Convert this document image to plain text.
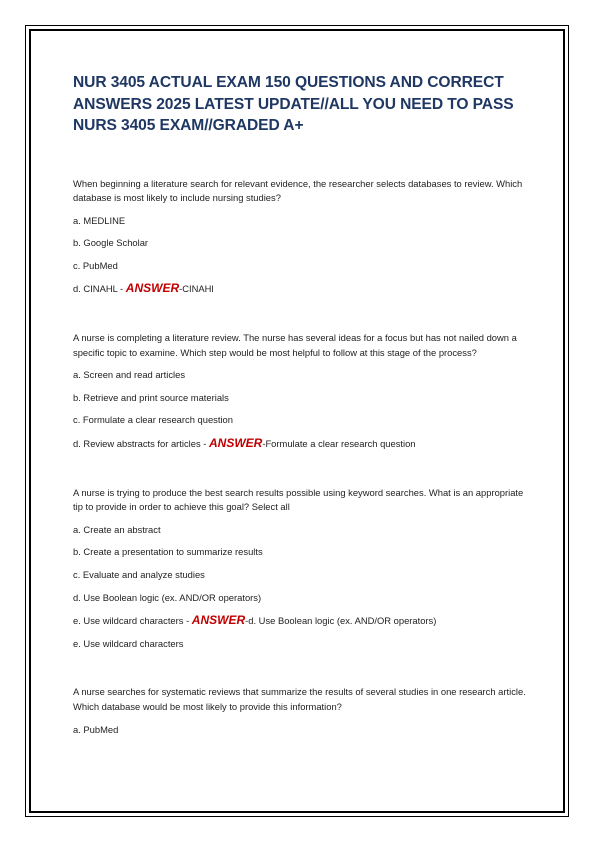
NUR 3405 ACTUAL EXAM 150 QUESTIONS AND CORRECT ANSWERS 2025 LATEST UPDATE//ALL YOU NEED TO PASS NURS 3405 EXAM//GRADED A+

When beginning a literature search for relevant evidence, the researcher selects databases to review. Which database is most likely to include nursing studies?

a. MEDLINE

b. Google Scholar

c. PubMed

d. CINAHL - ANSWER-CINAHl

A nurse is completing a literature review. The nurse has several ideas for a focus but has not nailed down a specific topic to examine. Which step would be most helpful to follow at this stage of the process?

a. Screen and read articles

b. Retrieve and print source materials

c. Formulate a clear research question

d. Review abstracts for articles - ANSWER-Formulate a clear research question

A nurse is trying to produce the best search results possible using keyword searches. What is an appropriate tip to provide in order to achieve this goal? Select all

a. Create an abstract

b. Create a presentation to summarize results

c. Evaluate and analyze studies

d. Use Boolean logic (ex. AND/OR operators)

e. Use wildcard characters - ANSWER-d. Use Boolean logic (ex. AND/OR operators)

e. Use wildcard characters

A nurse searches for systematic reviews that summarize the results of several studies in one research article. Which database would be most likely to provide this information?

a. PubMed
